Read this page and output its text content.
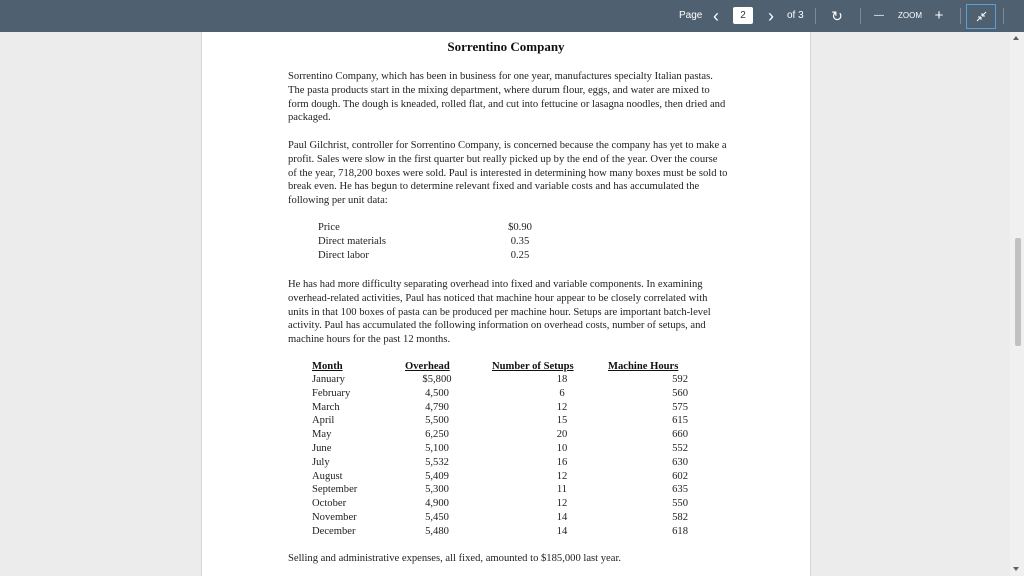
Page ‹	2	›	of 3 ↻	— ZOOM +
Sorrentino Company
Sorrentino Company, which has been in business for one year, manufactures specialty Italian pastas. The pasta products start in the mixing department, where durum flour, eggs, and water are mixed to form dough. The dough is kneaded, rolled flat, and cut into fettucine or lasagna noodles, then dried and packaged.
Paul Gilchrist, controller for Sorrentino Company, is concerned because the company has yet to make a profit. Sales were slow in the first quarter but really picked up by the end of the year. Over the course of the year, 718,200 boxes were sold. Paul is interested in determining how many boxes must be sold to break even. He has begun to determine relevant fixed and variable costs and has accumulated the following per unit data:
Price	$0.90
Direct materials	0.35
Direct labor	0.25
He has had more difficulty separating overhead into fixed and variable components. In examining overhead-related activities, Paul has noticed that machine hour appear to be closely correlated with units in that 100 boxes of pasta can be produced per machine hour. Setups are important batch-level activity. Paul has accumulated the following information on overhead costs, number of setups, and machine hours for the past 12 months.
Month	Overhead	Number of Setups	Machine Hours
January	$5,800	18	592
February	4,500	6	560
March	4,790	12	575
April	5,500	15	615
May	6,250	20	660
June	5,100	10	552
July	5,532	16	630
August	5,409	12	602
September	5,300	11	635
October	4,900	12	550
November	5,450	14	582
December	5,480	14	618
Selling and administrative expenses, all fixed, amounted to $185,000 last year.
